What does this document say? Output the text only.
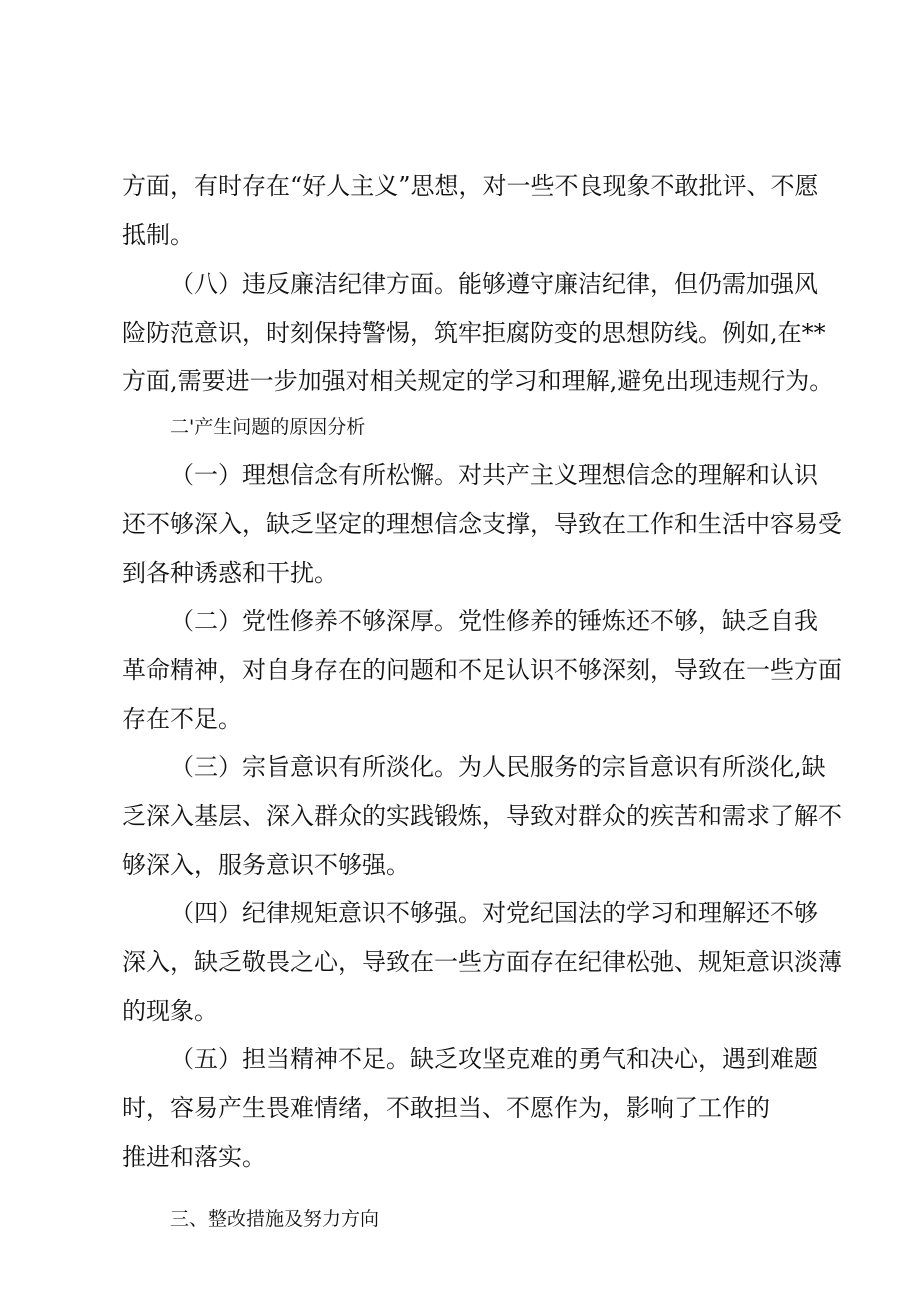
方面，有时存在“好人主义”思想，对一些不良现象不敢批评、不愿
抵制。
（八）违反廉洁纪律方面。能够遵守廉洁纪律，但仍需加强风
险防范意识，时刻保持警惕，筑牢拒腐防变的思想防线。例如,在**
方面,需要进一步加强对相关规定的学习和理解,避免出现违规行为。
二'产生问题的原因分析
（一）理想信念有所松懈。对共产主义理想信念的理解和认识
还不够深入，缺乏坚定的理想信念支撑，导致在工作和生活中容易受
到各种诱惑和干扰。
（二）党性修养不够深厚。党性修养的锤炼还不够，缺乏自我
革命精神，对自身存在的问题和不足认识不够深刻，导致在一些方面
存在不足。
（三）宗旨意识有所淡化。为人民服务的宗旨意识有所淡化,缺
乏深入基层、深入群众的实践锻炼，导致对群众的疾苦和需求了解不
够深入，服务意识不够强。
（四）纪律规矩意识不够强。对党纪国法的学习和理解还不够
深入，缺乏敬畏之心，导致在一些方面存在纪律松弛、规矩意识淡薄
的现象。
（五）担当精神不足。缺乏攻坚克难的勇气和决心，遇到难题
时，容易产生畏难情绪，不敢担当、不愿作为，影响了工作的
推进和落实。
三、整改措施及努力方向
